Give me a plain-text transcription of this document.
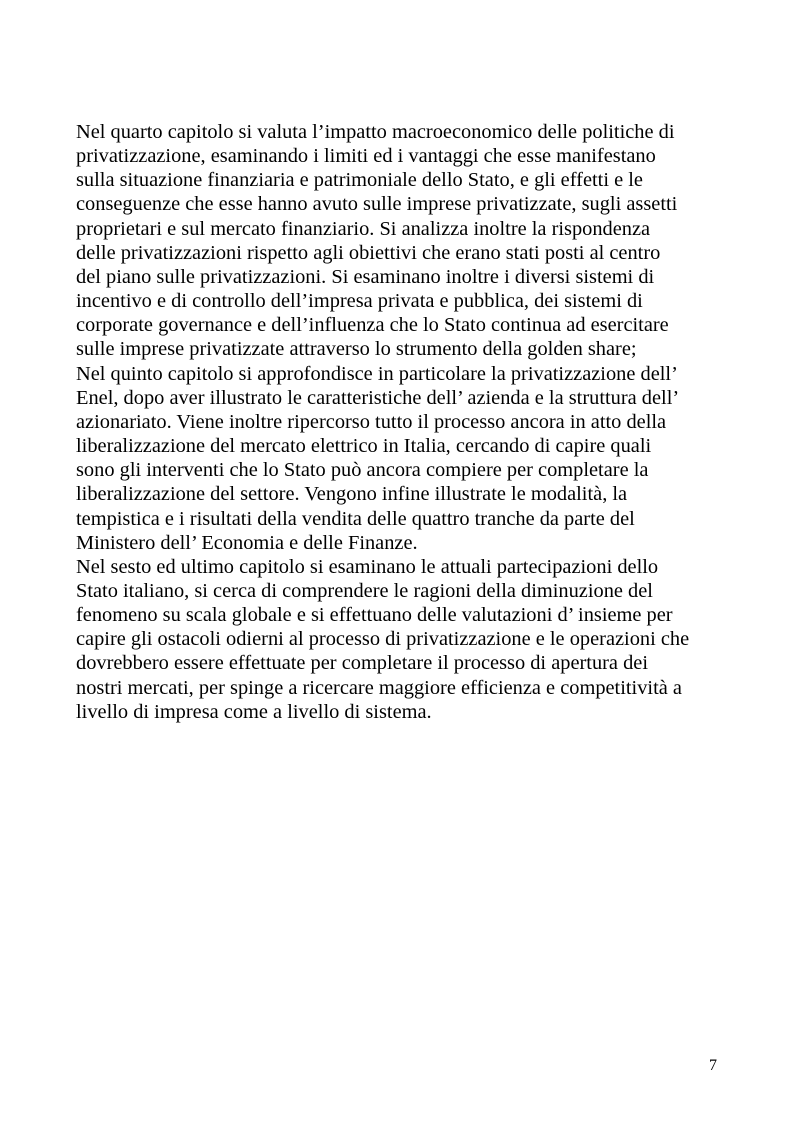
Nel quarto capitolo si valuta l’impatto macroeconomico delle politiche di
privatizzazione, esaminando i limiti ed i vantaggi che esse manifestano
sulla situazione finanziaria e patrimoniale dello Stato, e gli effetti e le
conseguenze che esse hanno avuto sulle imprese privatizzate, sugli assetti
proprietari e sul mercato finanziario. Si analizza inoltre la rispondenza
delle privatizzazioni rispetto agli obiettivi che erano stati posti al centro
del piano sulle privatizzazioni. Si esaminano inoltre i diversi sistemi di
incentivo e di controllo dell’impresa privata e pubblica, dei sistemi di
corporate governance e dell’influenza che lo Stato continua ad esercitare
sulle imprese privatizzate attraverso lo strumento della golden share;
Nel quinto capitolo si approfondisce in particolare la privatizzazione dell’
Enel, dopo aver illustrato le caratteristiche dell’ azienda e la struttura dell’
azionariato. Viene inoltre ripercorso tutto il processo ancora in atto della
liberalizzazione del mercato elettrico in Italia, cercando di capire quali
sono gli interventi che lo Stato può ancora compiere per completare la
liberalizzazione del settore. Vengono infine illustrate le modalità, la
tempistica e i risultati della vendita delle quattro tranche da parte del
Ministero dell’ Economia e delle Finanze.
Nel sesto ed ultimo capitolo si esaminano le attuali partecipazioni dello
Stato italiano, si cerca di comprendere le ragioni della diminuzione del
fenomeno su scala globale e si effettuano delle valutazioni d’ insieme per
capire gli ostacoli odierni al processo di privatizzazione e le operazioni che
dovrebbero essere effettuate per completare il processo di apertura dei
nostri mercati, per spinge a ricercare maggiore efficienza e competitività a
livello di impresa come a livello di sistema.
7
